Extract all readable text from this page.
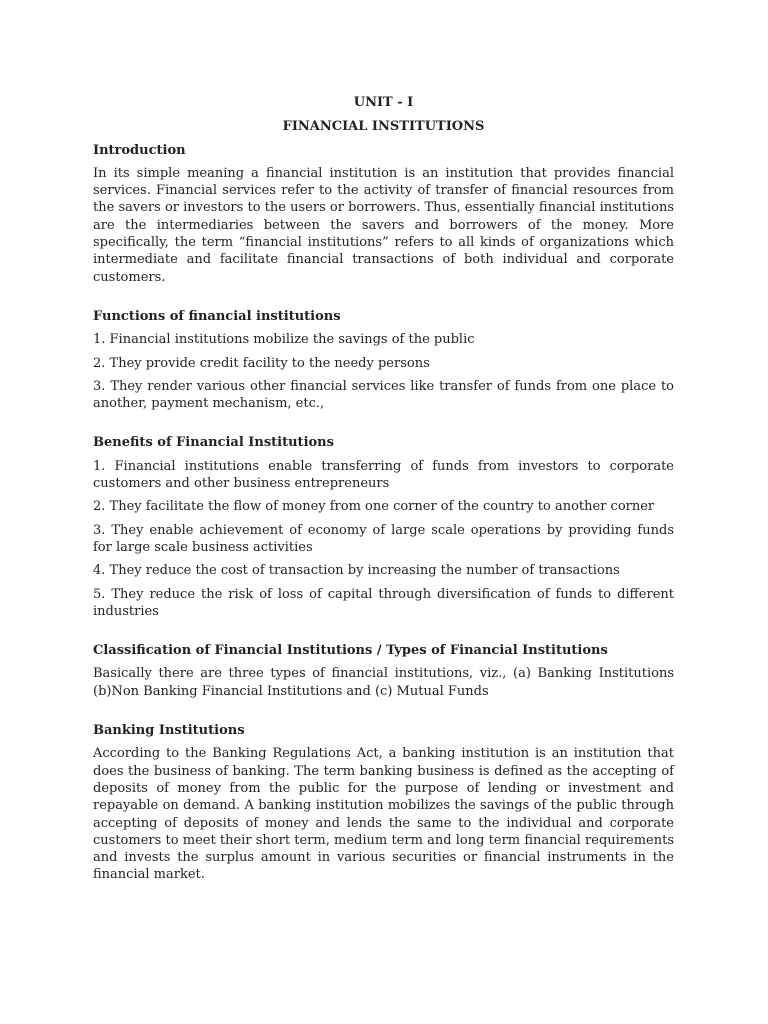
UNIT - I

FINANCIAL INSTITUTIONS

Introduction

In its simple meaning a financial institution is an institution that provides financial services. Financial services refer to the activity of transfer of financial resources from the savers or investors to the users or borrowers. Thus, essentially financial institutions are the intermediaries between the savers and borrowers of the money. More specifically, the term “financial institutions” refers to all kinds of organizations which intermediate and facilitate financial transactions of both individual and corporate customers.

Functions of financial institutions

1. Financial institutions mobilize the savings of the public

2. They provide credit facility to the needy persons

3. They render various other financial services like transfer of funds from one place to another, payment mechanism, etc.,

Benefits of Financial Institutions

1. Financial institutions enable transferring of funds from investors to corporate customers and other business entrepreneurs

2. They facilitate the flow of money from one corner of the country to another corner

3. They enable achievement of economy of large scale operations by providing funds for large scale business activities

4. They reduce the cost of transaction by increasing the number of transactions

5. They reduce the risk of loss of capital through diversification of funds to different industries

Classification of Financial Institutions / Types of Financial Institutions

Basically there are three types of financial institutions, viz., (a) Banking Institutions (b)Non Banking Financial Institutions and (c) Mutual Funds

Banking Institutions

According to the Banking Regulations Act, a banking institution is an institution that does the business of banking. The term banking business is defined as the accepting of deposits of money from the public for the purpose of lending or investment and repayable on demand. A banking institution mobilizes the savings of the public through accepting of deposits of money and lends the same to the individual and corporate customers to meet their short term, medium term and long term financial requirements and invests the surplus amount in various securities or financial instruments in the financial market.
